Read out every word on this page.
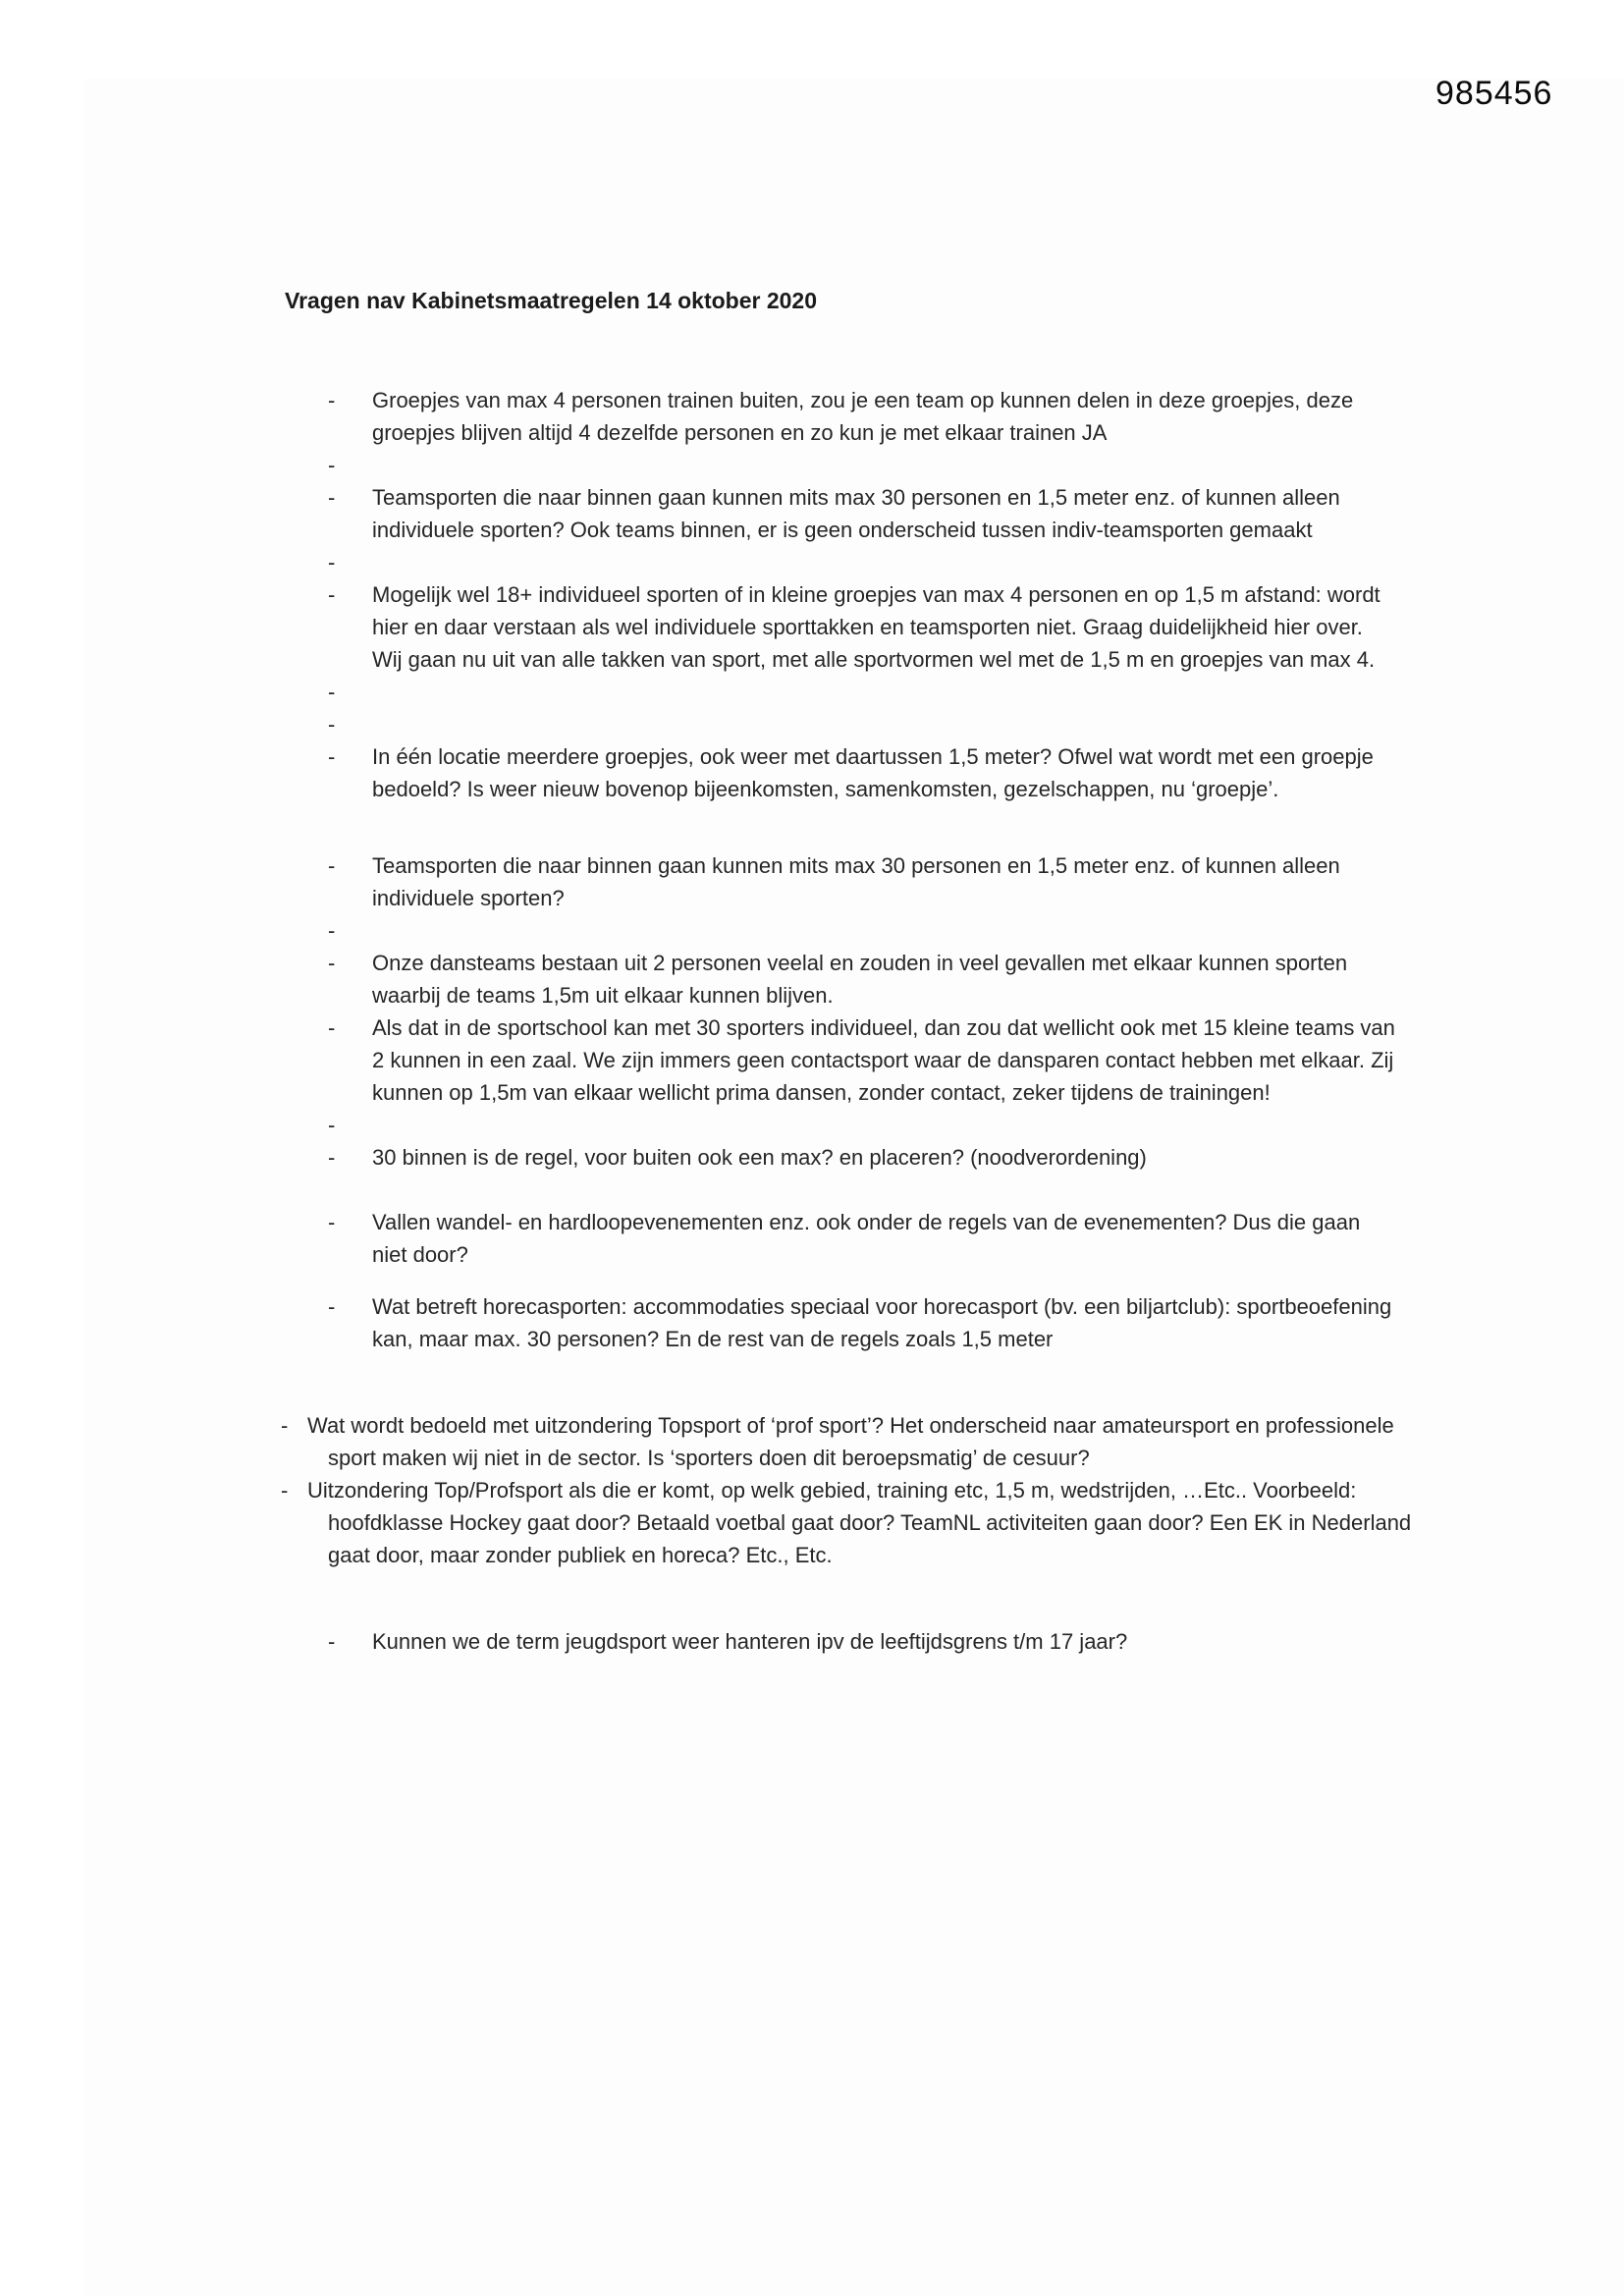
985456
Vragen nav Kabinetsmaatregelen 14 oktober 2020
- Groepjes van max 4 personen trainen buiten, zou je een team op kunnen delen in deze groepjes, deze groepjes blijven altijd 4 dezelfde personen en zo kun je met elkaar trainen JA
-
- Teamsporten die naar binnen gaan kunnen mits max 30 personen en 1,5 meter enz. of kunnen alleen individuele sporten? Ook teams binnen, er is geen onderscheid tussen indiv-teamsporten gemaakt
-
- Mogelijk wel 18+ individueel sporten of in kleine groepjes van max 4 personen en op 1,5 m afstand: wordt hier en daar verstaan als wel individuele sporttakken en teamsporten niet. Graag duidelijkheid hier over. Wij gaan nu uit van alle takken van sport, met alle sportvormen wel met de 1,5 m en groepjes van max 4.
-
-
- In één locatie meerdere groepjes, ook weer met daartussen 1,5 meter? Ofwel wat wordt met een groepje bedoeld? Is weer nieuw bovenop bijeenkomsten, samenkomsten, gezelschappen, nu ‘groepje’.
- Teamsporten die naar binnen gaan kunnen mits max 30 personen en 1,5 meter enz. of kunnen alleen individuele sporten?
-
- Onze dansteams bestaan uit 2 personen veelal en zouden in veel gevallen met elkaar kunnen sporten waarbij de teams 1,5m uit elkaar kunnen blijven.
- Als dat in de sportschool kan met 30 sporters individueel, dan zou dat wellicht ook met 15 kleine teams van 2 kunnen in een zaal. We zijn immers geen contactsport waar de dansparen contact hebben met elkaar. Zij kunnen op 1,5m van elkaar wellicht prima dansen, zonder contact, zeker tijdens de trainingen!
-
- 30 binnen is de regel, voor buiten ook een max? en placeren? (noodverordening)
- Vallen wandel- en hardloopevenementen enz. ook onder de regels van de evenementen? Dus die gaan niet door?
- Wat betreft horecasporten: accommodaties speciaal voor horecasport (bv. een biljartclub): sportbeoefening kan, maar max. 30 personen? En de rest van de regels zoals 1,5 meter
- Wat wordt bedoeld met uitzondering Topsport of ‘prof sport’? Het onderscheid naar amateursport en professionele sport maken wij niet in de sector. Is ‘sporters doen dit beroepsmatig’ de cesuur?
- Uitzondering Top/Profsport als die er komt, op welk gebied, training etc, 1,5 m, wedstrijden, …Etc.. Voorbeeld: hoofdklasse Hockey gaat door? Betaald voetbal gaat door? TeamNL activiteiten gaan door? Een EK in Nederland gaat door, maar zonder publiek en horeca? Etc., Etc.
- Kunnen we de term jeugdsport weer hanteren ipv de leeftijdsgrens t/m 17 jaar?
